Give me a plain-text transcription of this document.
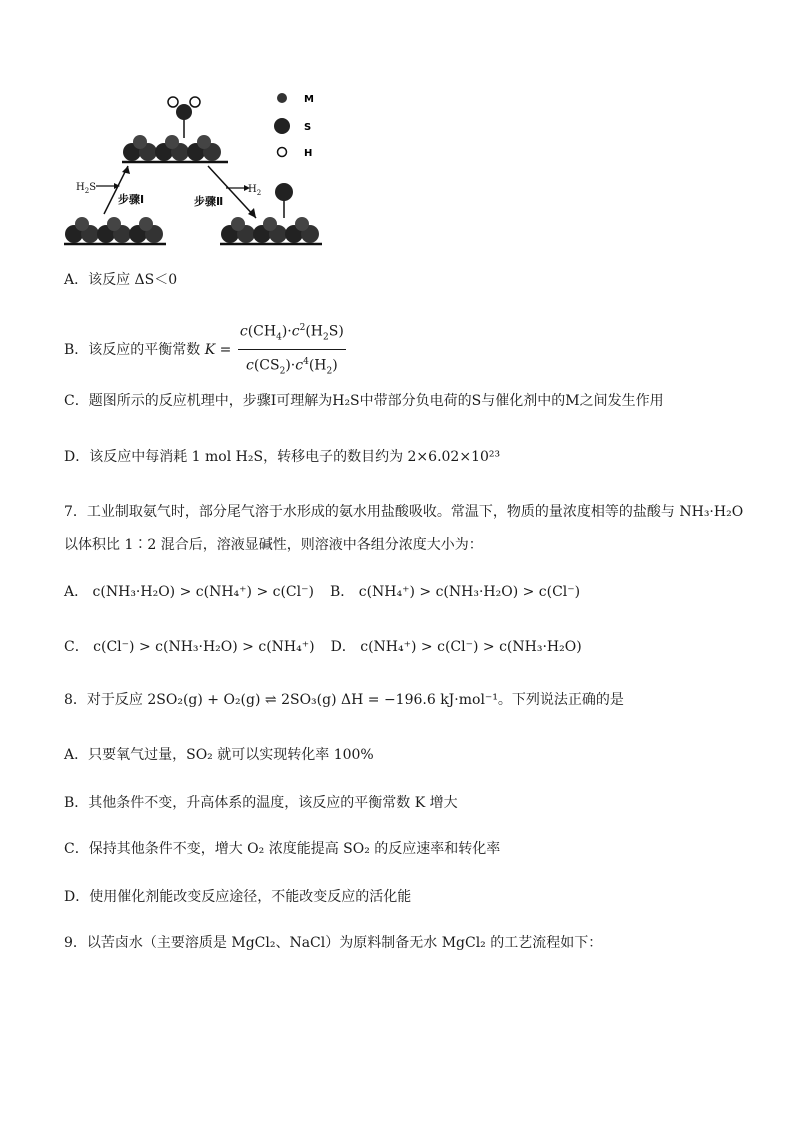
$H_2S$
步骤Ⅰ
$H_2$
步骤Ⅱ
M
S
H
A．该反应 ΔS＜0
B．该反应的平衡常数 $K = \frac{c(CH_4)\cdot c^2(H_2S)}{c(CS_2)\cdot c^4(H_2)}$
C．题图所示的反应机理中，步骤Ⅰ可理解为H₂S中带部分负电荷的S与催化剂中的M之间发生作用
D．该反应中每消耗 1 mol H₂S，转移电子的数目约为 2×6.02×10²³
7．工业制取氨气时，部分尾气溶于水形成的氨水用盐酸吸收。常温下，物质的量浓度相等的盐酸与 NH₃·H₂O
以体积比 1∶2 混合后，溶液显碱性，则溶液中各组分浓度大小为：
A． c(NH₃·H₂O) > c(NH₄⁺) > c(Cl⁻) B． c(NH₄⁺) > c(NH₃·H₂O) > c(Cl⁻)
C． c(Cl⁻) > c(NH₃·H₂O) > c(NH₄⁺) D． c(NH₄⁺) > c(Cl⁻) > c(NH₃·H₂O)
8．对于反应 2SO₂(g) + O₂(g) ⇌ 2SO₃(g) ΔH = −196.6 kJ·mol⁻¹。下列说法正确的是
A．只要氧气过量，SO₂ 就可以实现转化率 100%
B．其他条件不变，升高体系的温度，该反应的平衡常数 K 增大
C．保持其他条件不变，增大 O₂ 浓度能提高 SO₂ 的反应速率和转化率
D．使用催化剂能改变反应途径，不能改变反应的活化能
9．以苦卤水（主要溶质是 MgCl₂、NaCl）为原料制备无水 MgCl₂ 的工艺流程如下：
